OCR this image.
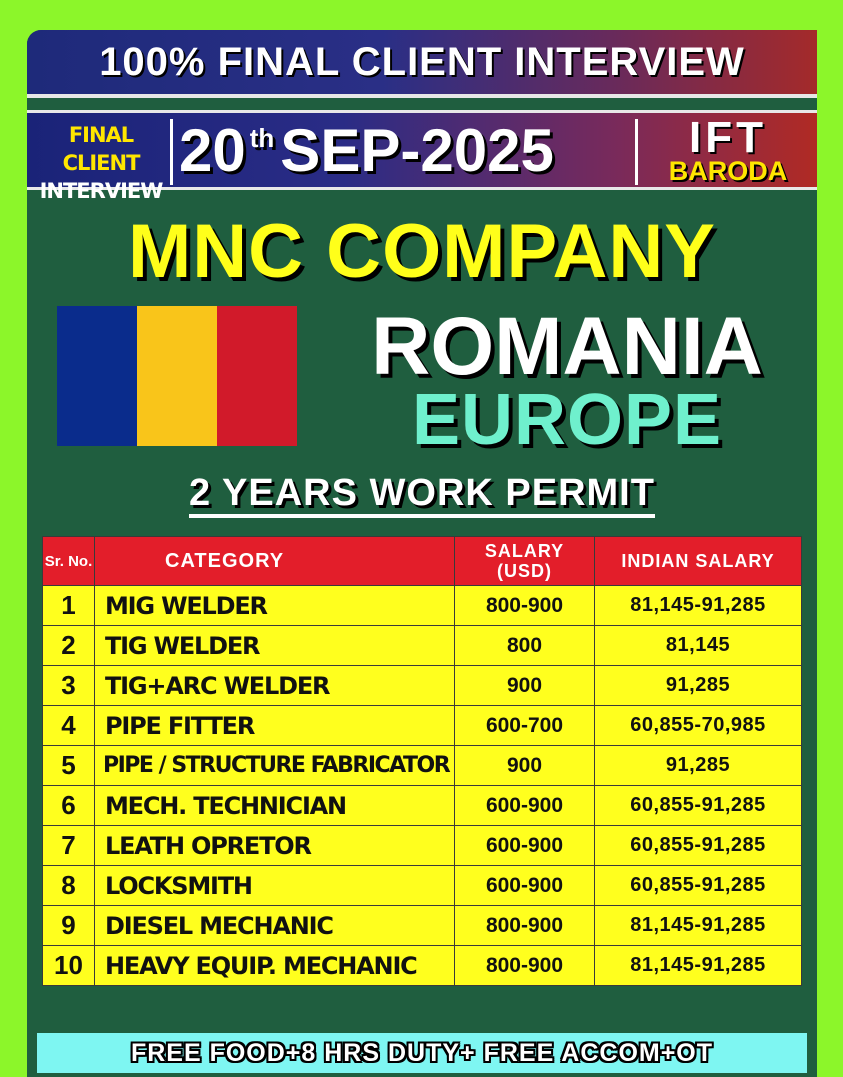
100% FINAL CLIENT INTERVIEW
FINAL CLIENT
INTERVIEW
20 $^{th}$ SEP-2025	IFT
BARODA
MNC COMPANY
ROMANIA
EUROPE
2 YEARS WORK PERMIT
Sr. No.	CATEGORY	SALARY (USD)	INDIAN SALARY
1	MIG WELDER	800-900	81,145-91,285
2	TIG WELDER	800	81,145
3	TIG+ARC WELDER	900	91,285
4	PIPE FITTER	600-700	60,855-70,985
5	PIPE / STRUCTURE FABRICATOR	900	91,285
6	MECH. TECHNICIAN	600-900	60,855-91,285
7	LEATH OPRETOR	600-900	60,855-91,285
8	LOCKSMITH	600-900	60,855-91,285
9	DIESEL MECHANIC	800-900	81,145-91,285
10	HEAVY EQUIP. MECHANIC	800-900	81,145-91,285
FREE FOOD+8 HRS DUTY+ FREE ACCOM+OT
